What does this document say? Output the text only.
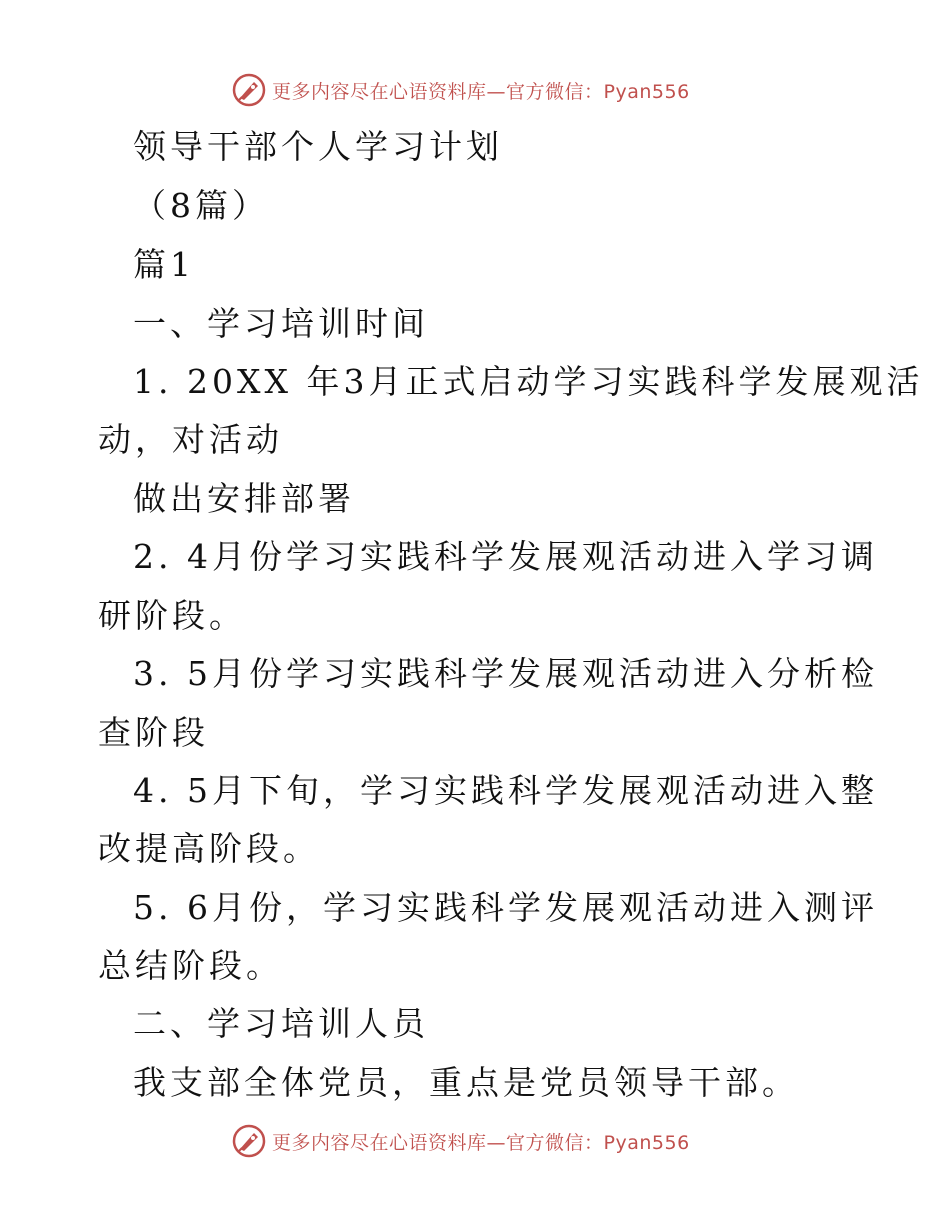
更多内容尽在心语资料库—官方微信：Pyan556
领导干部个人学习计划
（8篇）
篇1
一、学习培训时间
1. 20XX 年3月正式启动学习实践科学发展观活
动，对活动
做出安排部署
2. 4月份学习实践科学发展观活动进入学习调
研阶段。
3. 5月份学习实践科学发展观活动进入分析检
查阶段
4. 5月下旬，学习实践科学发展观活动进入整
改提高阶段。
5. 6月份，学习实践科学发展观活动进入测评
总结阶段。
二、学习培训人员
我支部全体党员，重点是党员领导干部。
更多内容尽在心语资料库—官方微信：Pyan556
